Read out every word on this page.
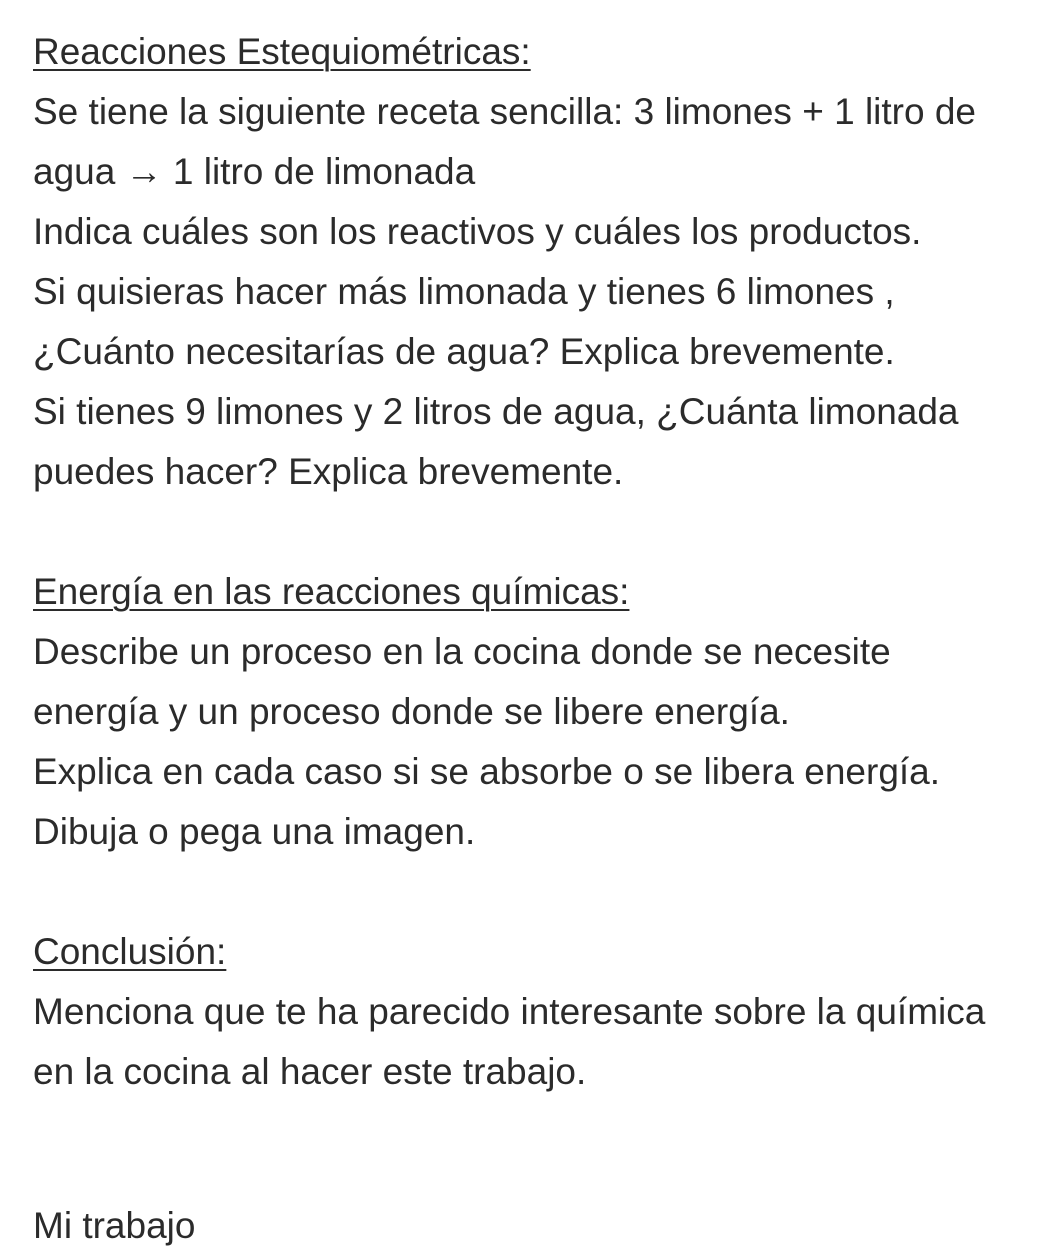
Reacciones Estequiométricas:

Se tiene la siguiente receta sencilla: 3 limones + 1 litro de agua → 1 litro de limonada

Indica cuáles son los reactivos y cuáles los productos.

Si quisieras hacer más limonada y tienes 6 limones , ¿Cuánto necesitarías de agua? Explica brevemente.

Si tienes 9 limones y 2 litros de agua, ¿Cuánta limonada puedes hacer? Explica brevemente.

Energía en las reacciones químicas:

Describe un proceso en la cocina donde se necesite energía y un proceso donde se libere energía.

Explica en cada caso si se absorbe o se libera energía. Dibuja o pega una imagen.

Conclusión:

Menciona que te ha parecido interesante sobre la química en la cocina al hacer este trabajo.

Mi trabajo
